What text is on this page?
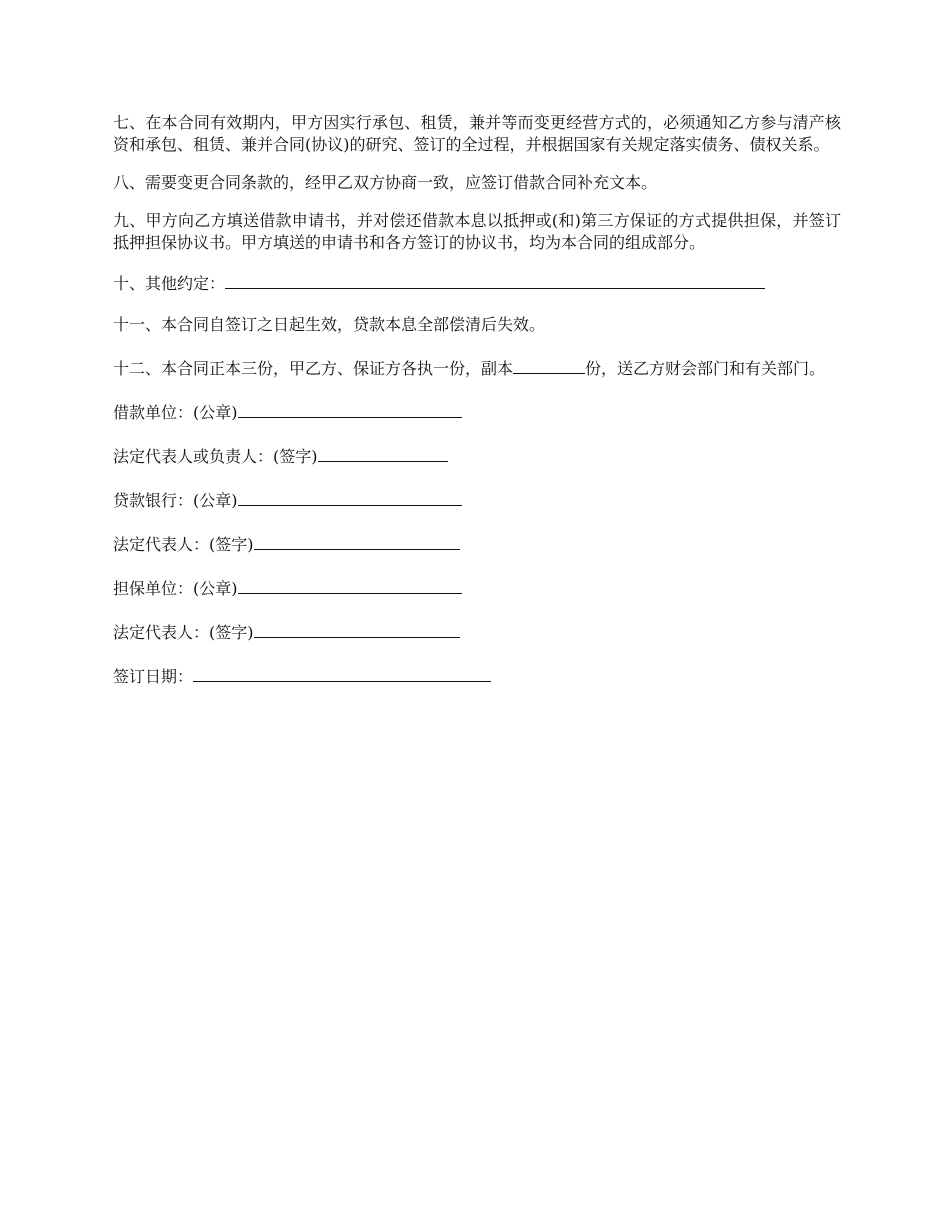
七、在本合同有效期内，甲方因实行承包、租赁，兼并等而变更经营方式的，必须通知乙方参与清产核资和承包、租赁、兼并合同(协议)的研究、签订的全过程，并根据国家有关规定落实债务、债权关系。

八、需要变更合同条款的，经甲乙双方协商一致，应签订借款合同补充文本。

九、甲方向乙方填送借款申请书，并对偿还借款本息以抵押或(和)第三方保证的方式提供担保，并签订抵押担保协议书。甲方填送的申请书和各方签订的协议书，均为本合同的组成部分。

十、其他约定：

十一、本合同自签订之日起生效，贷款本息全部偿清后失效。

十二、本合同正本三份，甲乙方、保证方各执一份，副本	份，送乙方财会部门和有关部门。

借款单位：(公章)
法定代表人或负责人：(签字)
贷款银行：(公章)
法定代表人：(签字)
担保单位：(公章)
法定代表人：(签字)
签订日期：
